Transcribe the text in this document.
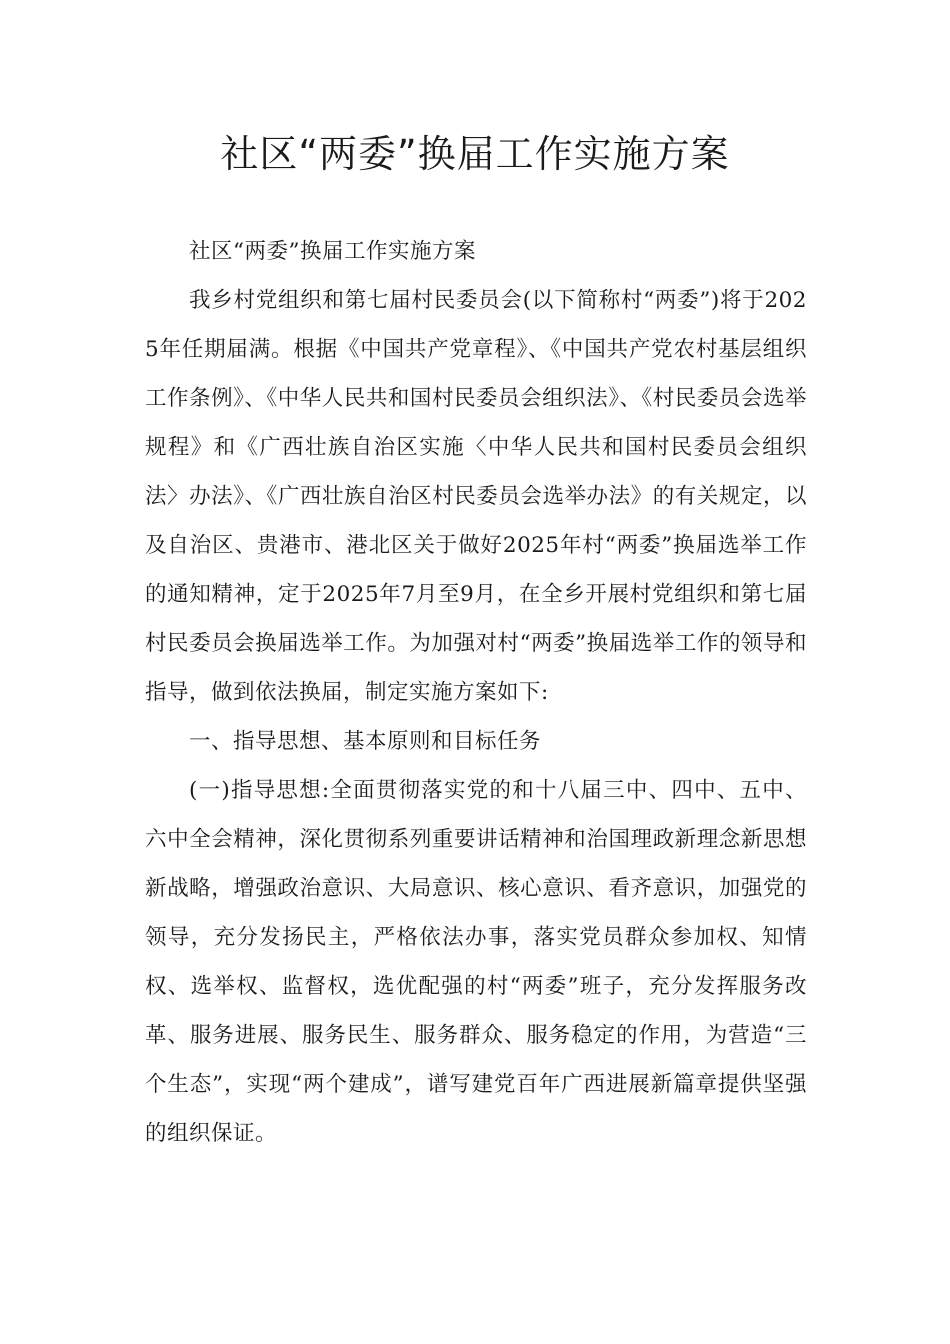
社区“两委”换届工作实施方案

社区“两委”换届工作实施方案

我乡村党组织和第七届村民委员会(以下简称村“两委”)将于2025年任期届满。根据《中国共产党章程》、《中国共产党农村基层组织工作条例》、《中华人民共和国村民委员会组织法》、《村民委员会选举规程》和《广西壮族自治区实施〈中华人民共和国村民委员会组织法〉办法》、《广西壮族自治区村民委员会选举办法》的有关规定，以及自治区、贵港市、港北区关于做好2025年村“两委”换届选举工作的通知精神，定于2025年7月至9月，在全乡开展村党组织和第七届村民委员会换届选举工作。为加强对村“两委”换届选举工作的领导和指导，做到依法换届，制定实施方案如下:

一、指导思想、基本原则和目标任务

(一)指导思想:全面贯彻落实党的和十八届三中、四中、五中、六中全会精神，深化贯彻系列重要讲话精神和治国理政新理念新思想新战略，增强政治意识、大局意识、核心意识、看齐意识，加强党的领导，充分发扬民主，严格依法办事，落实党员群众参加权、知情权、选举权、监督权，选优配强的村“两委”班子，充分发挥服务改革、服务进展、服务民生、服务群众、服务稳定的作用，为营造“三个生态”，实现“两个建成”，谱写建党百年广西进展新篇章提供坚强的组织保证。
